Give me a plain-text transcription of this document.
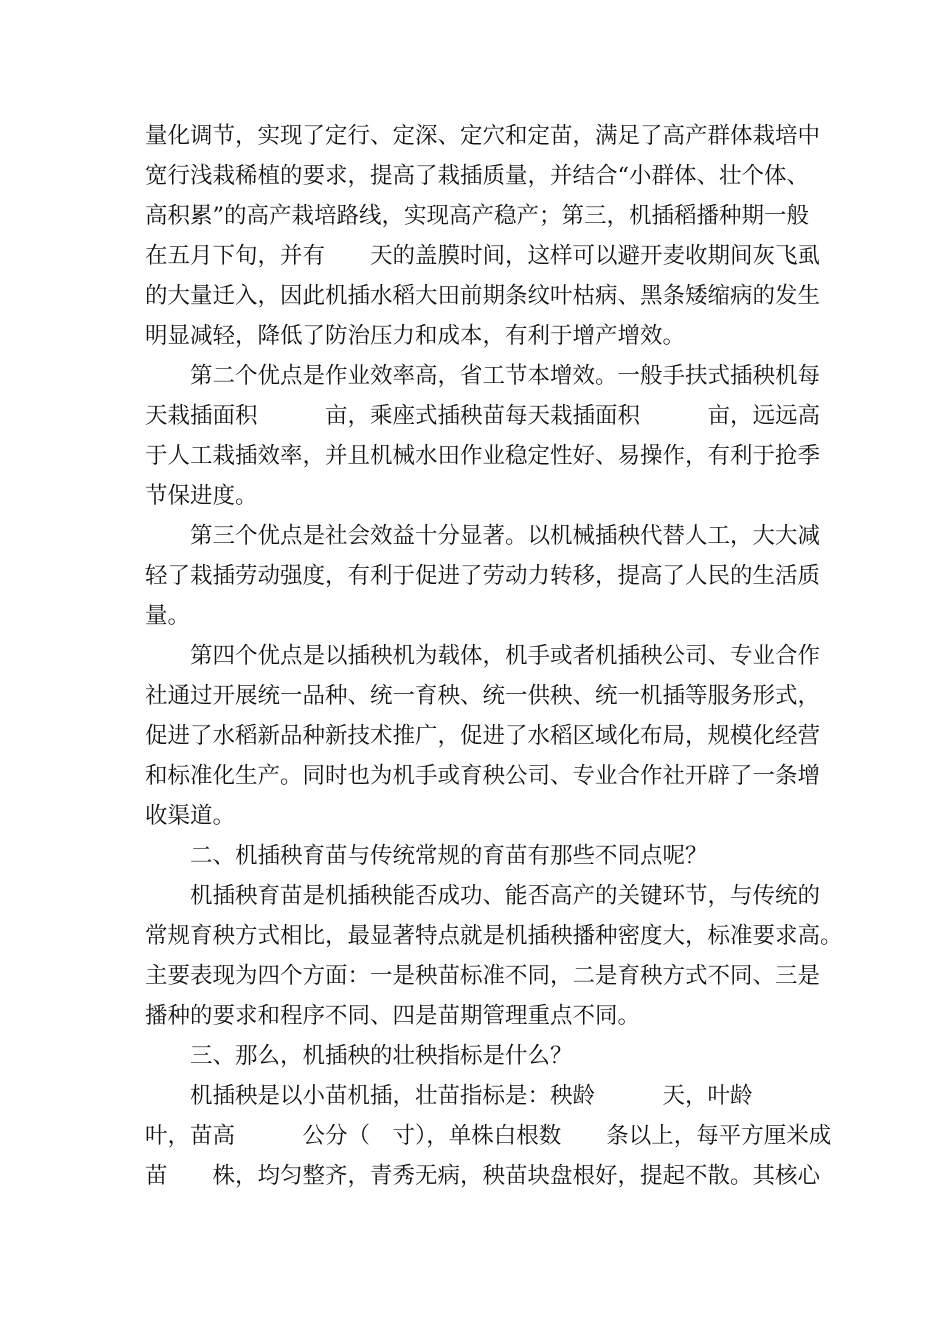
量化调节，实现了定行、定深、定穴和定苗，满足了高产群体栽培中
宽行浅栽稀植的要求，提高了栽插质量，并结合“小群体、壮个体、
高积累”的高产栽培路线，实现高产稳产；第三，机插稻播种期一般
在五月下旬，并有　　天的盖膜时间，这样可以避开麦收期间灰飞虱
的大量迁入，因此机插水稻大田前期条纹叶枯病、黑条矮缩病的发生
明显减轻，降低了防治压力和成本，有利于增产增效。
第二个优点是作业效率高，省工节本增效。一般手扶式插秧机每
天栽插面积　　　亩，乘座式插秧苗每天栽插面积　　　亩，远远高
于人工栽插效率，并且机械水田作业稳定性好、易操作，有利于抢季
节保进度。
第三个优点是社会效益十分显著。以机械插秧代替人工，大大减
轻了栽插劳动强度，有利于促进了劳动力转移，提高了人民的生活质
量。
第四个优点是以插秧机为载体，机手或者机插秧公司、专业合作
社通过开展统一品种、统一育秧、统一供秧、统一机插等服务形式，
促进了水稻新品种新技术推广，促进了水稻区域化布局，规模化经营
和标准化生产。同时也为机手或育秧公司、专业合作社开辟了一条增
收渠道。
二、机插秧育苗与传统常规的育苗有那些不同点呢？
机插秧育苗是机插秧能否成功、能否高产的关键环节，与传统的
常规育秧方式相比，最显著特点就是机插秧播种密度大，标准要求高。
主要表现为四个方面：一是秧苗标准不同，二是育秧方式不同、三是
播种的要求和程序不同、四是苗期管理重点不同。
三、那么，机插秧的壮秧指标是什么？
机插秧是以小苗机插，壮苗指标是：秧龄　　　天，叶龄
叶，苗高　　　公分（　寸），单株白根数　　条以上，每平方厘米成
苗　　株，均匀整齐，青秀无病，秧苗块盘根好，提起不散。其核心
